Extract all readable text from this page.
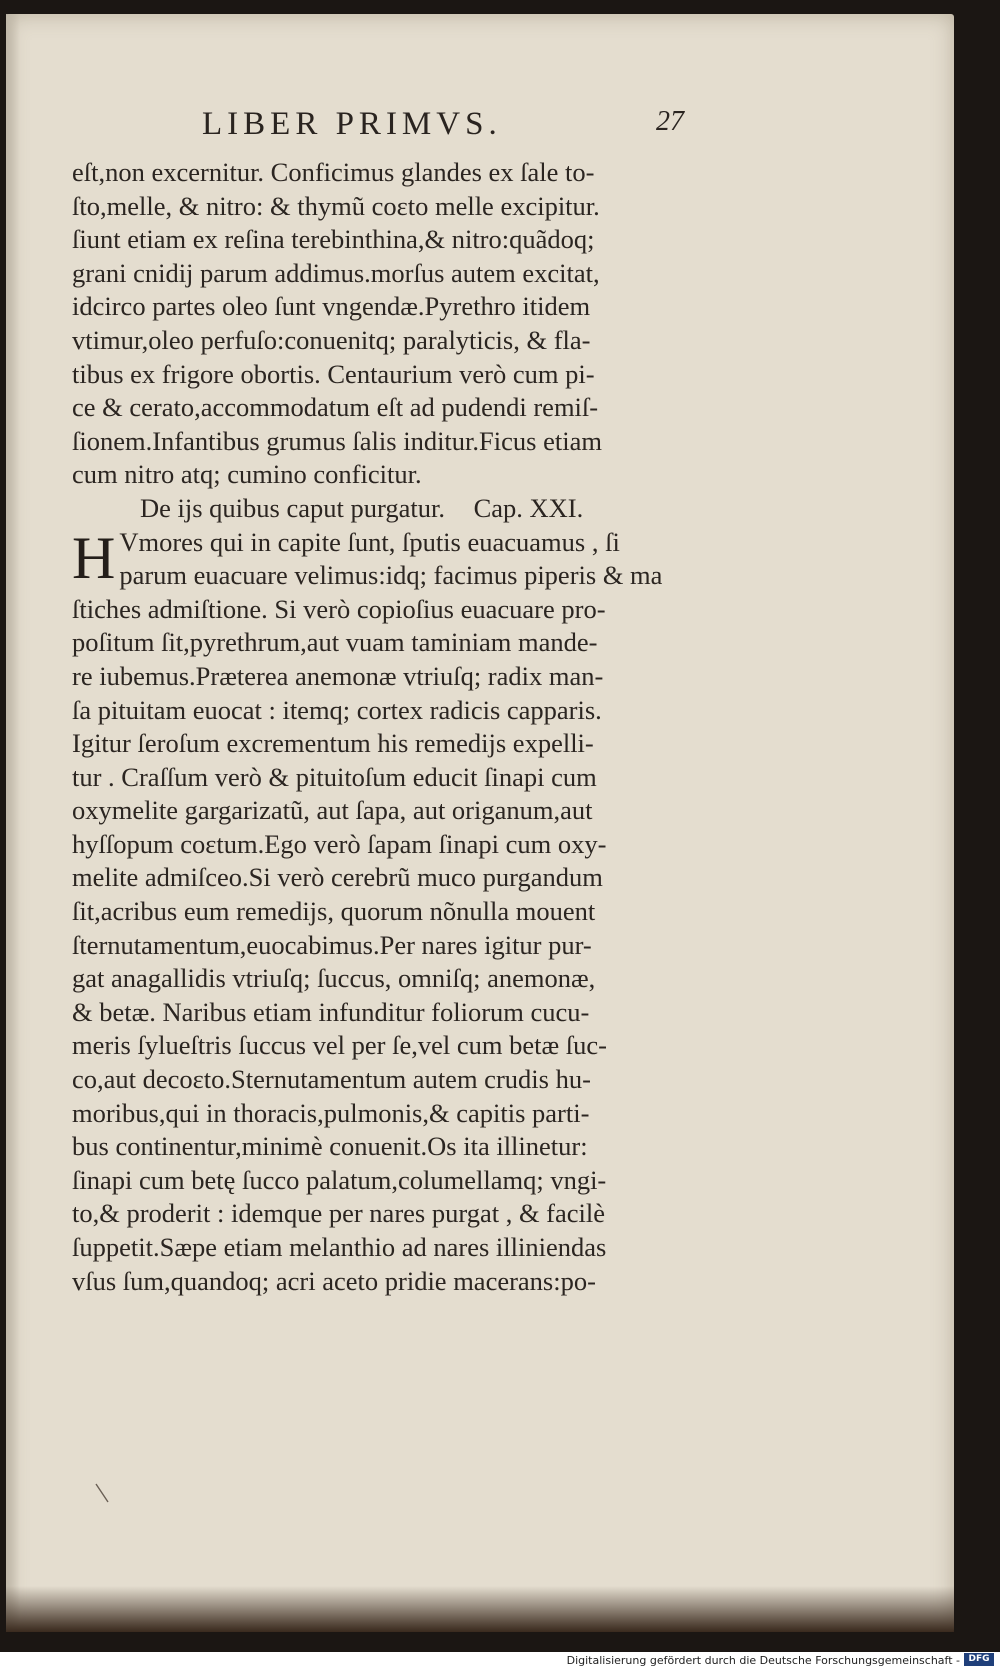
LIBER PRIMVS.	27
eſt,non excernitur. Conficimus glandes ex ſale to-
ſto,melle, & nitro: & thymũ coɛto melle excipitur.
ſiunt etiam ex reſina terebinthina,& nitro:quãdoq;
grani cnidij parum addimus.morſus autem excitat,
idcirco partes oleo ſunt vngendæ.Pyrethro itidem
vtimur,oleo perfuſo:conuenitq; paralyticis, & fla-
tibus ex frigore obortis. Centaurium verò cum pi-
ce & cerato,accommodatum eſt ad pudendi remiſ-
ſionem.Infantibus grumus ſalis inditur.Ficus etiam
cum nitro atq; cumino conficitur.
De ijs quibus caput purgatur. Cap. XXI.
H Vmores qui in capite ſunt, ſputis euacuamus , ſi
parum euacuare velimus:idq; facimus piperis & ma
ſtiches admiſtione. Si verò copioſius euacuare pro-
poſitum ſit,pyrethrum,aut vuam taminiam mande-
re iubemus.Præterea anemonæ vtriuſq; radix man-
ſa pituitam euocat : itemq; cortex radicis capparis.
Igitur ſeroſum excrementum his remedijs expelli-
tur . Craſſum verò & pituitoſum educit ſinapi cum
oxymelite gargarizatũ, aut ſapa, aut origanum,aut
hyſſopum coɛtum.Ego verò ſapam ſinapi cum oxy-
melite admiſceo.Si verò cerebrũ muco purgandum
ſit,acribus eum remedijs, quorum nõnulla mouent
ſternutamentum,euocabimus.Per nares igitur pur-
gat anagallidis vtriuſq; ſuccus, omniſq; anemonæ,
& betæ. Naribus etiam infunditur foliorum cucu-
meris ſylueſtris ſuccus vel per ſe,vel cum betæ ſuc-
co,aut decoɛto.Sternutamentum autem crudis hu-
moribus,qui in thoracis,pulmonis,& capitis parti-
bus continentur,minimè conuenit.Os ita illinetur:
ſinapi cum betę ſucco palatum,columellamq; vngi-
to,& proderit : idemque per nares purgat , & facilè
ſuppetit.Sæpe etiam melanthio ad nares illiniendas
vſus ſum,quandoq; acri aceto pridie macerans:po-
Digitalisierung gefördert durch die Deutsche Forschungsgemeinschaft - DFG
